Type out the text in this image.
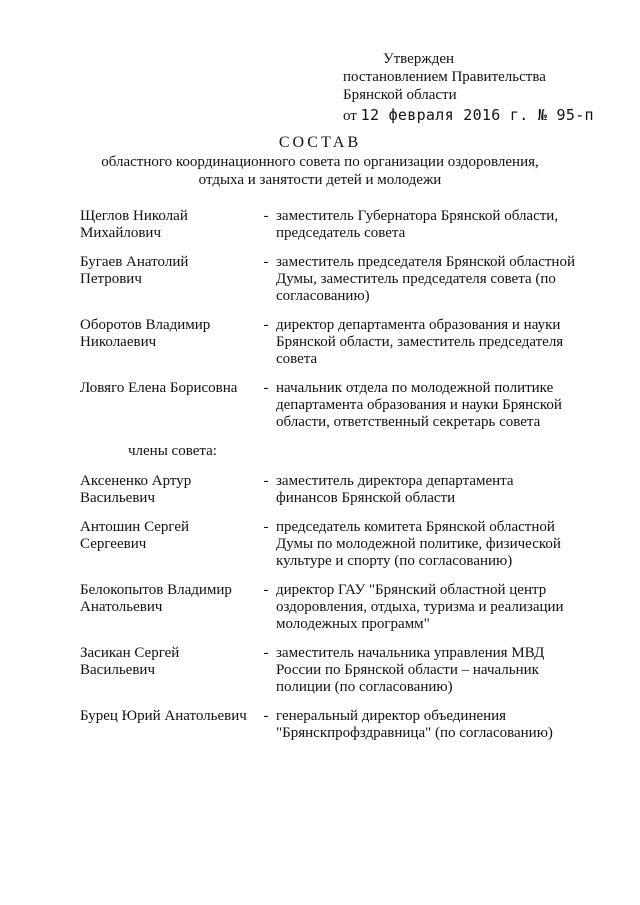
Утвержден
постановлением Правительства
Брянской области
от 12 февраля 2016 г. № 95-п
СОСТАВ
областного координационного совета по организации оздоровления,
отдыха и занятости детей и молодежи
Щеглов Николай
Михайлович
- заместитель Губернатора Брянской области, председатель совета
Бугаев Анатолий
Петрович
- заместитель председателя Брянской областной Думы, заместитель председателя совета (по согласованию)
Оборотов Владимир
Николаевич
- директор департамента образования и науки Брянской области, заместитель председателя совета
Ловяго Елена Борисовна	- начальник отдела по молодежной политике департамента образования и науки Брянской области, ответственный секретарь совета
члены совета:
Аксененко Артур
Васильевич
- заместитель директора департамента финансов Брянской области
Антошин Сергей
Сергеевич
- председатель комитета Брянской областной Думы по молодежной политике, физической культуре и спорту (по согласованию)
Белокопытов Владимир
Анатольевич
- директор ГАУ "Брянский областной центр оздоровления, отдыха, туризма и реализации молодежных программ"
Засикан Сергей
Васильевич
- заместитель начальника управления МВД России по Брянской области – начальник полиции (по согласованию)
Бурец Юрий Анатольевич	- генеральный директор объединения "Брянскпрофздравница" (по согласованию)
